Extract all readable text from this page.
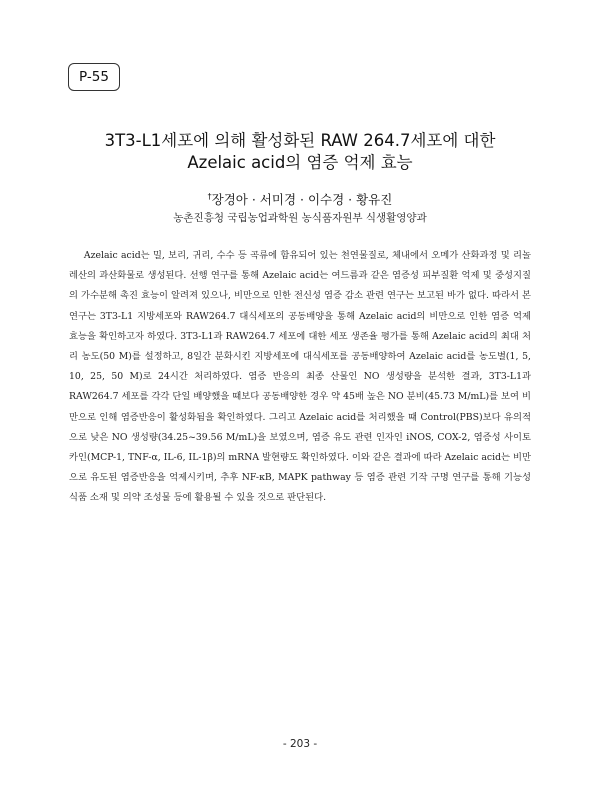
P-55
3T3-L1세포에 의해 활성화된 RAW 264.7세포에 대한
Azelaic acid의 염증 억제 효능
†장경아 · 서미경 · 이수경 · 황유진
농촌진흥청 국립농업과학원 농식품자원부 식생활영양과

Azelaic acid는 밀, 보리, 귀리, 수수 등 곡류에 함유되어 있는 천연물질로, 체내에서 오메가 산화과정 및 리놀레산의 과산화물로 생성된다. 선행 연구를 통해 Azelaic acid는 여드름과 같은 염증성 피부질환 억제 및 중성지질의 가수분해 촉진 효능이 알려져 있으나, 비만으로 인한 전신성 염증 감소 관련 연구는 보고된 바가 없다. 따라서 본 연구는 3T3-L1 지방세포와 RAW264.7 대식세포의 공동배양을 통해 Azelaic acid의 비만으로 인한 염증 억제 효능을 확인하고자 하였다. 3T3-L1과 RAW264.7 세포에 대한 세포 생존율 평가를 통해 Azelaic acid의 최대 처리 농도(50 M)를 설정하고, 8일간 분화시킨 지방세포에 대식세포를 공동배양하여 Azelaic acid를 농도별(1, 5, 10, 25, 50 M)로 24시간 처리하였다. 염증 반응의 최종 산물인 NO 생성량을 분석한 결과, 3T3-L1과 RAW264.7 세포를 각각 단일 배양했을 때보다 공동배양한 경우 약 45배 높은 NO 분비(45.73 M/mL)를 보여 비만으로 인해 염증반응이 활성화됨을 확인하였다. 그리고 Azelaic acid를 처리했을 때 Control(PBS)보다 유의적으로 낮은 NO 생성량(34.25~39.56 M/mL)을 보였으며, 염증 유도 관련 인자인 iNOS, COX-2, 염증성 사이토카인(MCP-1, TNF-α, IL-6, IL-1β)의 mRNA 발현량도 확인하였다. 이와 같은 결과에 따라 Azelaic acid는 비만으로 유도된 염증반응을 억제시키며, 추후 NF-κB, MAPK pathway 등 염증 관련 기작 구명 연구를 통해 기능성 식품 소재 및 의약 조성물 등에 활용될 수 있을 것으로 판단된다.

- 203 -
